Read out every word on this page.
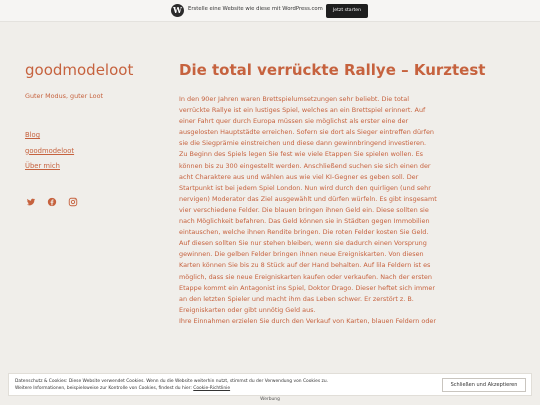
W	Erstelle eine Website wie diese mit WordPress.com	Jetzt starten
goodmodeloot
Guter Modus, guter Loot
Blog
goodmodeloot
Über mich
Die total verrückte Rallye – Kurztest
In den 90er Jahren waren Brettspielumsetzungen sehr beliebt. Die total
verrückte Rallye ist ein lustiges Spiel, welches an ein Brettspiel erinnert. Auf
einer Fahrt quer durch Europa müssen sie möglichst als erster eine der
ausgelosten Hauptstädte erreichen. Sofern sie dort als Sieger eintreffen dürfen
sie die Siegprämie einstreichen und diese dann gewinnbringend investieren.
Zu Beginn des Spiels legen Sie fest wie viele Etappen Sie spielen wollen. Es
können bis zu 300 eingestellt werden. Anschließend suchen sie sich einen der
acht Charaktere aus und wählen aus wie viel KI-Gegner es geben soll. Der
Startpunkt ist bei jedem Spiel London. Nun wird durch den quirligen (und sehr
nervigen) Moderator das Ziel ausgewählt und dürfen würfeln. Es gibt insgesamt
vier verschiedene Felder. Die blauen bringen ihnen Geld ein. Diese sollten sie
nach Möglichkeit befahren. Das Geld können sie in Städten gegen Immobilien
eintauschen, welche ihnen Rendite bringen. Die roten Felder kosten Sie Geld.
Auf diesen sollten Sie nur stehen bleiben, wenn sie dadurch einen Vorsprung
gewinnen. Die gelben Felder bringen ihnen neue Ereigniskarten. Von diesen
Karten können Sie bis zu 8 Stück auf der Hand behalten. Auf lila Feldern ist es
möglich, dass sie neue Ereigniskarten kaufen oder verkaufen. Nach der ersten
Etappe kommt ein Antagonist ins Spiel, Doktor Drago. Dieser heftet sich immer
an den letzten Spieler und macht ihm das Leben schwer. Er zerstört z. B.
Ereigniskarten oder gibt unnötig Geld aus.
Ihre Einnahmen erzielen Sie durch den Verkauf von Karten, blauen Feldern oder
Datenschutz & Cookies: Diese Website verwendet Cookies. Wenn du die Website weiterhin nutzt, stimmst du der Verwendung von Cookies zu.
Weitere Informationen, beispielsweise zur Kontrolle von Cookies, findest du hier: Cookie-Richtlinie
Schließen und Akzeptieren
Werbung
